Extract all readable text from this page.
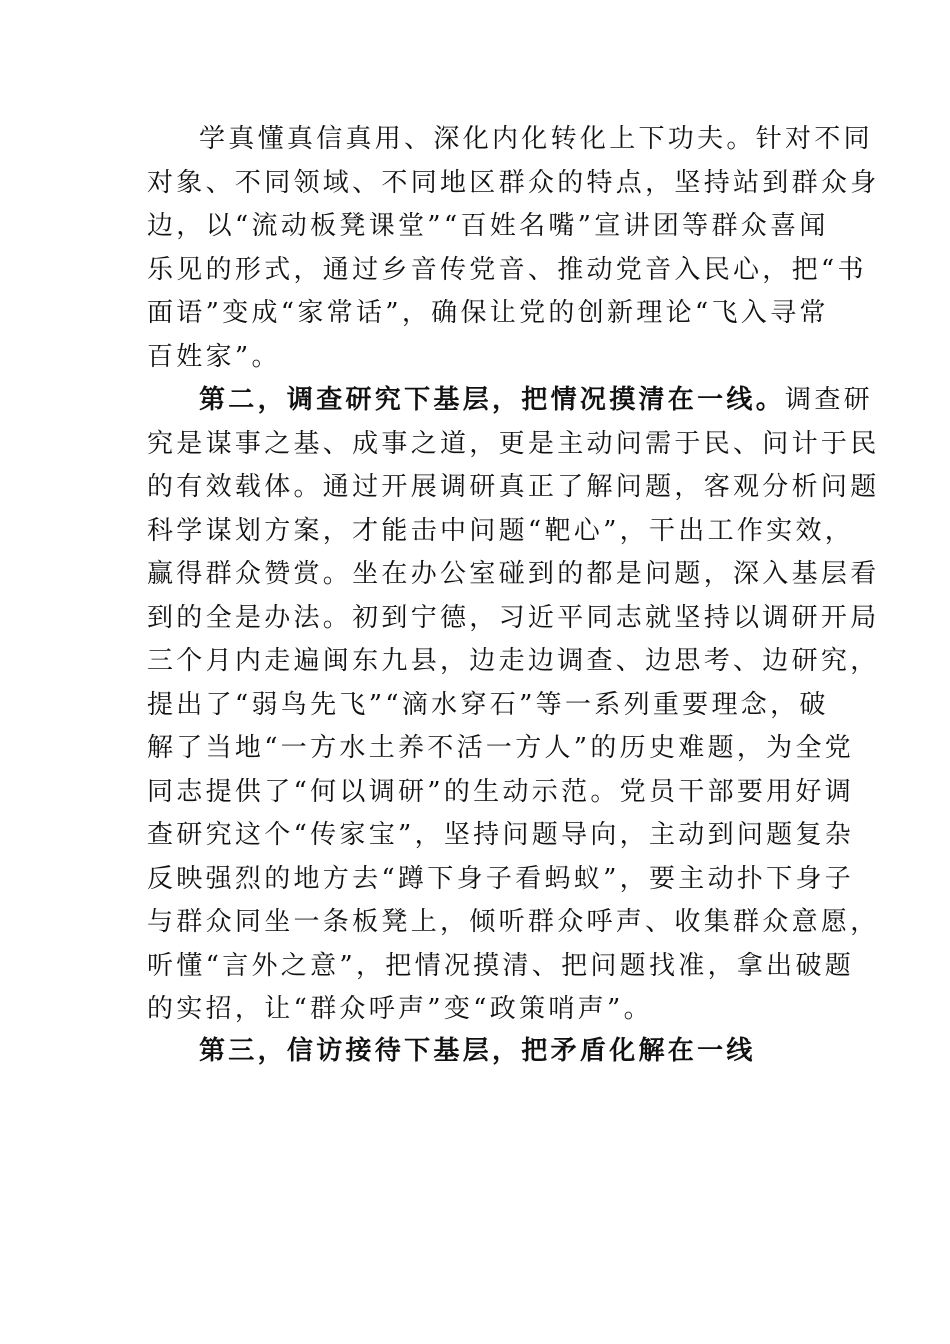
学真懂真信真用、深化内化转化上下功夫。针对不同
对象、不同领域、不同地区群众的特点，坚持站到群众身
边，以“流动板凳课堂”“百姓名嘴”宣讲团等群众喜闻
乐见的形式，通过乡音传党音、推动党音入民心，把“书
面语”变成“家常话”，确保让党的创新理论“飞入寻常
百姓家”。
第二，调查研究下基层，把情况摸清在一线。调查研
究是谋事之基、成事之道，更是主动问需于民、问计于民
的有效载体。通过开展调研真正了解问题，客观分析问题
科学谋划方案，才能击中问题“靶心”，干出工作实效，
赢得群众赞赏。坐在办公室碰到的都是问题，深入基层看
到的全是办法。初到宁德，习近平同志就坚持以调研开局
三个月内走遍闽东九县，边走边调查、边思考、边研究，
提出了“弱鸟先飞”“滴水穿石”等一系列重要理念，破
解了当地“一方水土养不活一方人”的历史难题，为全党
同志提供了“何以调研”的生动示范。党员干部要用好调
查研究这个“传家宝”，坚持问题导向，主动到问题复杂
反映强烈的地方去“蹲下身子看蚂蚁”，要主动扑下身子
与群众同坐一条板凳上，倾听群众呼声、收集群众意愿，
听懂“言外之意”，把情况摸清、把问题找准，拿出破题
的实招，让“群众呼声”变“政策哨声”。
第三，信访接待下基层，把矛盾化解在一线
